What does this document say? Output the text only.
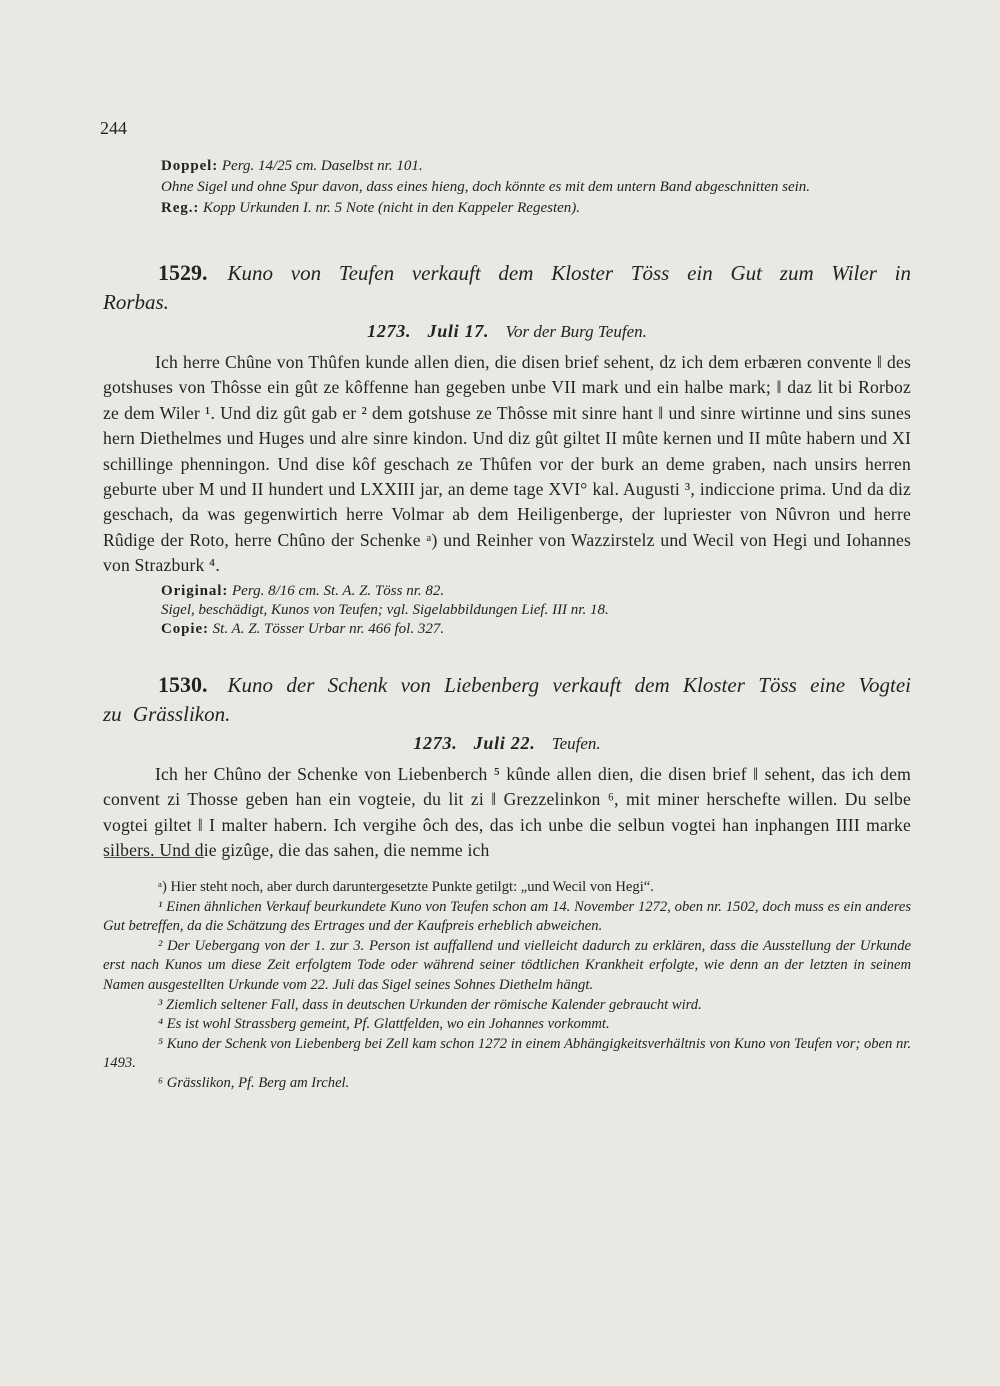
244
Doppel: Perg. 14/25 cm. Daselbst nr. 101.
Ohne Sigel und ohne Spur davon, dass eines hieng, doch könnte es mit dem untern Band abgeschnitten sein.
Reg.: Kopp Urkunden I. nr. 5 Note (nicht in den Kappeler Regesten).
1529. Kuno von Teufen verkauft dem Kloster Töss ein Gut zum Wiler in Rorbas.
1273. Juli 17. Vor der Burg Teufen.

Ich herre Chûne von Thûfen kunde allen dien, die disen brief sehent, dz ich dem erbæren convente ‖ des gotshuses von Thôsse ein gût ze kôffenne han gegeben unbe VII mark und ein halbe mark; ‖ daz lit bi Rorboz ze dem Wiler ¹. Und diz gût gab er ² dem gotshuse ze Thôsse mit sinre hant ‖ und sinre wirtinne und sins sunes hern Diethelmes und Huges und alre sinre kindon. Und diz gût giltet II mûte kernen und II mûte habern und XI schillinge phenningon. Und dise kôf geschach ze Thûfen vor der burk an deme graben, nach unsirs herren geburte uber M und II hundert und LXXIII jar, an deme tage XVI° kal. Augusti ³, indiccione prima. Und da diz geschach, da was gegenwirtich herre Volmar ab dem Heiligenberge, der lupriester von Nûvron und herre Rûdige der Roto, herre Chûno der Schenke ᵃ) und Reinher von Wazzirstelz und Wecil von Hegi und Iohannes von Strazburk ⁴.

Original: Perg. 8/16 cm. St. A. Z. Töss nr. 82.
Sigel, beschädigt, Kunos von Teufen; vgl. Sigelabbildungen Lief. III nr. 18.
Copie: St. A. Z. Tösser Urbar nr. 466 fol. 327.
1530. Kuno der Schenk von Liebenberg verkauft dem Kloster Töss eine Vogtei zu Grässlikon.
1273. Juli 22. Teufen.

Ich her Chûno der Schenke von Liebenberch ⁵ kûnde allen dien, die disen brief ‖ sehent, das ich dem convent zi Thosse geben han ein vogteie, du lit zi ‖ Grezzelinkon ⁶, mit miner herschefte willen. Du selbe vogtei giltet ‖ I malter habern. Ich vergihe ôch des, das ich unbe die selbun vogtei han inphangen IIII marke silbers. Und die gizûge, die das sahen, die nemme ich

ᵃ) Hier steht noch, aber durch daruntergesetzte Punkte getilgt: „und Wecil von Hegi“.
¹ Einen ähnlichen Verkauf beurkundete Kuno von Teufen schon am 14. November 1272, oben nr. 1502, doch muss es ein anderes Gut betreffen, da die Schätzung des Ertrages und der Kaufpreis erheblich abweichen.
² Der Uebergang von der 1. zur 3. Person ist auffallend und vielleicht dadurch zu erklären, dass die Ausstellung der Urkunde erst nach Kunos um diese Zeit erfolgtem Tode oder während seiner tödtlichen Krankheit erfolgte, wie denn an der letzten in seinem Namen ausgestellten Urkunde vom 22. Juli das Sigel seines Sohnes Diethelm hängt.
³ Ziemlich seltener Fall, dass in deutschen Urkunden der römische Kalender gebraucht wird.
⁴ Es ist wohl Strassberg gemeint, Pf. Glattfelden, wo ein Johannes vorkommt.
⁵ Kuno der Schenk von Liebenberg bei Zell kam schon 1272 in einem Abhängigkeitsverhältnis von Kuno von Teufen vor; oben nr. 1493.
⁶ Grässlikon, Pf. Berg am Irchel.
